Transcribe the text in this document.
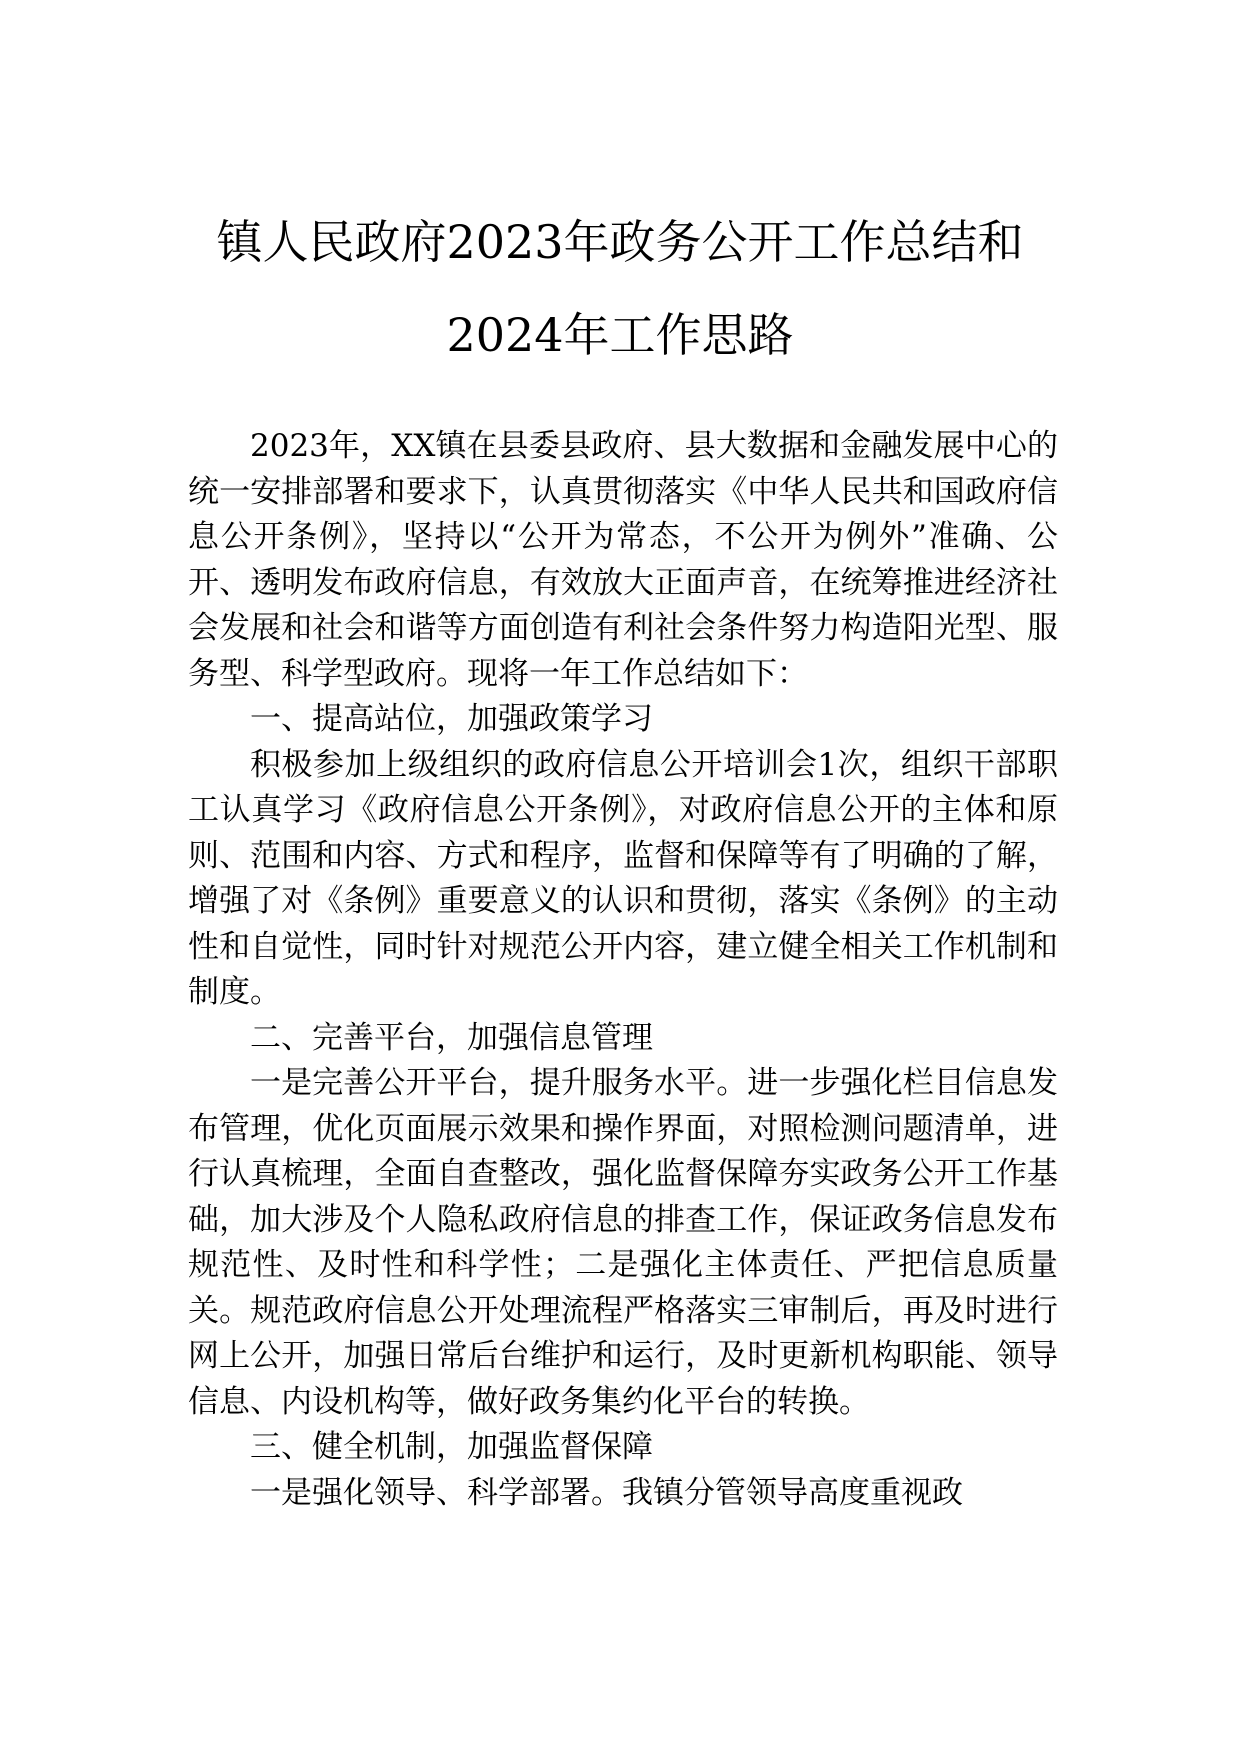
镇人民政府2023年政务公开工作总结和
2024年工作思路

2023年，XX镇在县委县政府、县大数据和金融发展中心的统一安排部署和要求下，认真贯彻落实《中华人民共和国政府信息公开条例》，坚持以“公开为常态，不公开为例外”准确、公开、透明发布政府信息，有效放大正面声音，在统筹推进经济社会发展和社会和谐等方面创造有利社会条件努力构造阳光型、服务型、科学型政府。现将一年工作总结如下：

一、提高站位，加强政策学习

积极参加上级组织的政府信息公开培训会1次，组织干部职工认真学习《政府信息公开条例》，对政府信息公开的主体和原则、范围和内容、方式和程序，监督和保障等有了明确的了解，增强了对《条例》重要意义的认识和贯彻，落实《条例》的主动性和自觉性，同时针对规范公开内容，建立健全相关工作机制和制度。

二、完善平台，加强信息管理

一是完善公开平台，提升服务水平。进一步强化栏目信息发布管理，优化页面展示效果和操作界面，对照检测问题清单，进行认真梳理，全面自查整改，强化监督保障夯实政务公开工作基础，加大涉及个人隐私政府信息的排查工作，保证政务信息发布规范性、及时性和科学性；二是强化主体责任、严把信息质量关。规范政府信息公开处理流程严格落实三审制后，再及时进行网上公开，加强日常后台维护和运行，及时更新机构职能、领导信息、内设机构等，做好政务集约化平台的转换。

三、健全机制，加强监督保障

一是强化领导、科学部署。我镇分管领导高度重视政
